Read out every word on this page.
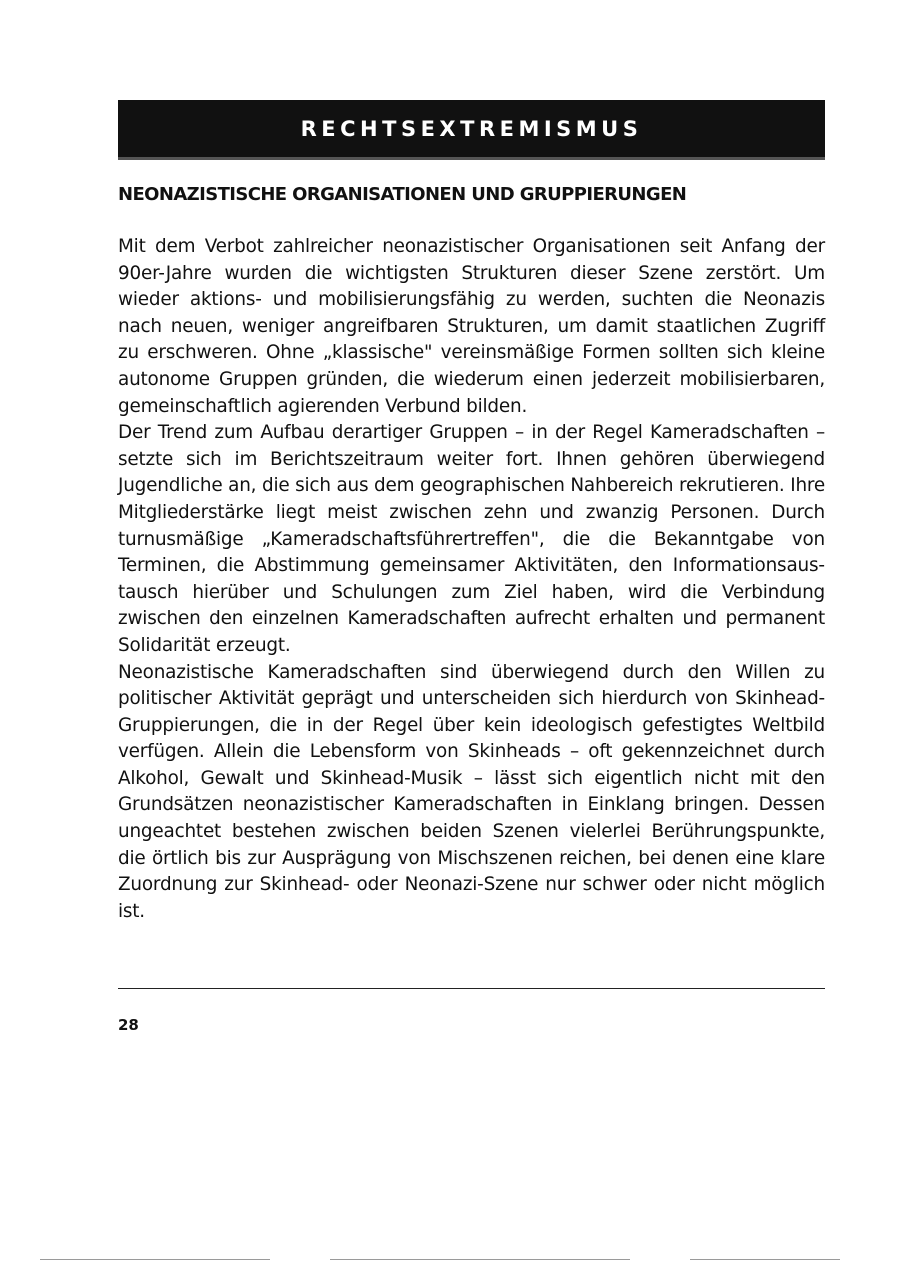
RECHTSEXTREMISMUS
NEONAZISTISCHE ORGANISATIONEN UND GRUPPIERUNGEN

Mit dem Verbot zahlreicher neonazistischer Organisationen seit Anfang der 90er-Jahre wurden die wichtigsten Strukturen dieser Szene zerstört. Um wieder aktions- und mobilisierungsfähig zu werden, suchten die Neonazis nach neuen, weniger angreifbaren Strukturen, um damit staatlichen Zugriff zu erschweren. Ohne „klassische" vereinsmäßige Formen sollten sich kleine autonome Gruppen gründen, die wiederum einen jederzeit mobilisierbaren, gemeinschaftlich agierenden Verbund bilden.

Der Trend zum Aufbau derartiger Gruppen – in der Regel Kameradschaften – setzte sich im Berichtszeitraum weiter fort. Ihnen gehören überwiegend Jugendliche an, die sich aus dem geographischen Nahbereich rekrutieren. Ihre Mitgliederstärke liegt meist zwischen zehn und zwanzig Personen. Durch turnusmäßige „Kameradschaftsführertreffen", die die Bekanntgabe von Terminen, die Abstimmung gemeinsamer Aktivitäten, den Informationsaustausch hierüber und Schulungen zum Ziel haben, wird die Verbindung zwischen den einzelnen Kameradschaften aufrecht erhalten und permanent Solidarität erzeugt.

Neonazistische Kameradschaften sind überwiegend durch den Willen zu politischer Aktivität geprägt und unterscheiden sich hierdurch von Skinhead-Gruppierungen, die in der Regel über kein ideologisch gefestigtes Weltbild verfügen. Allein die Lebensform von Skinheads – oft gekennzeichnet durch Alkohol, Gewalt und Skinhead-Musik – lässt sich eigentlich nicht mit den Grundsätzen neonazistischer Kameradschaften in Einklang bringen. Dessen ungeachtet bestehen zwischen beiden Szenen vielerlei Berührungspunkte, die örtlich bis zur Ausprägung von Mischszenen reichen, bei denen eine klare Zuordnung zur Skinhead- oder Neonazi-Szene nur schwer oder nicht möglich ist.

28
